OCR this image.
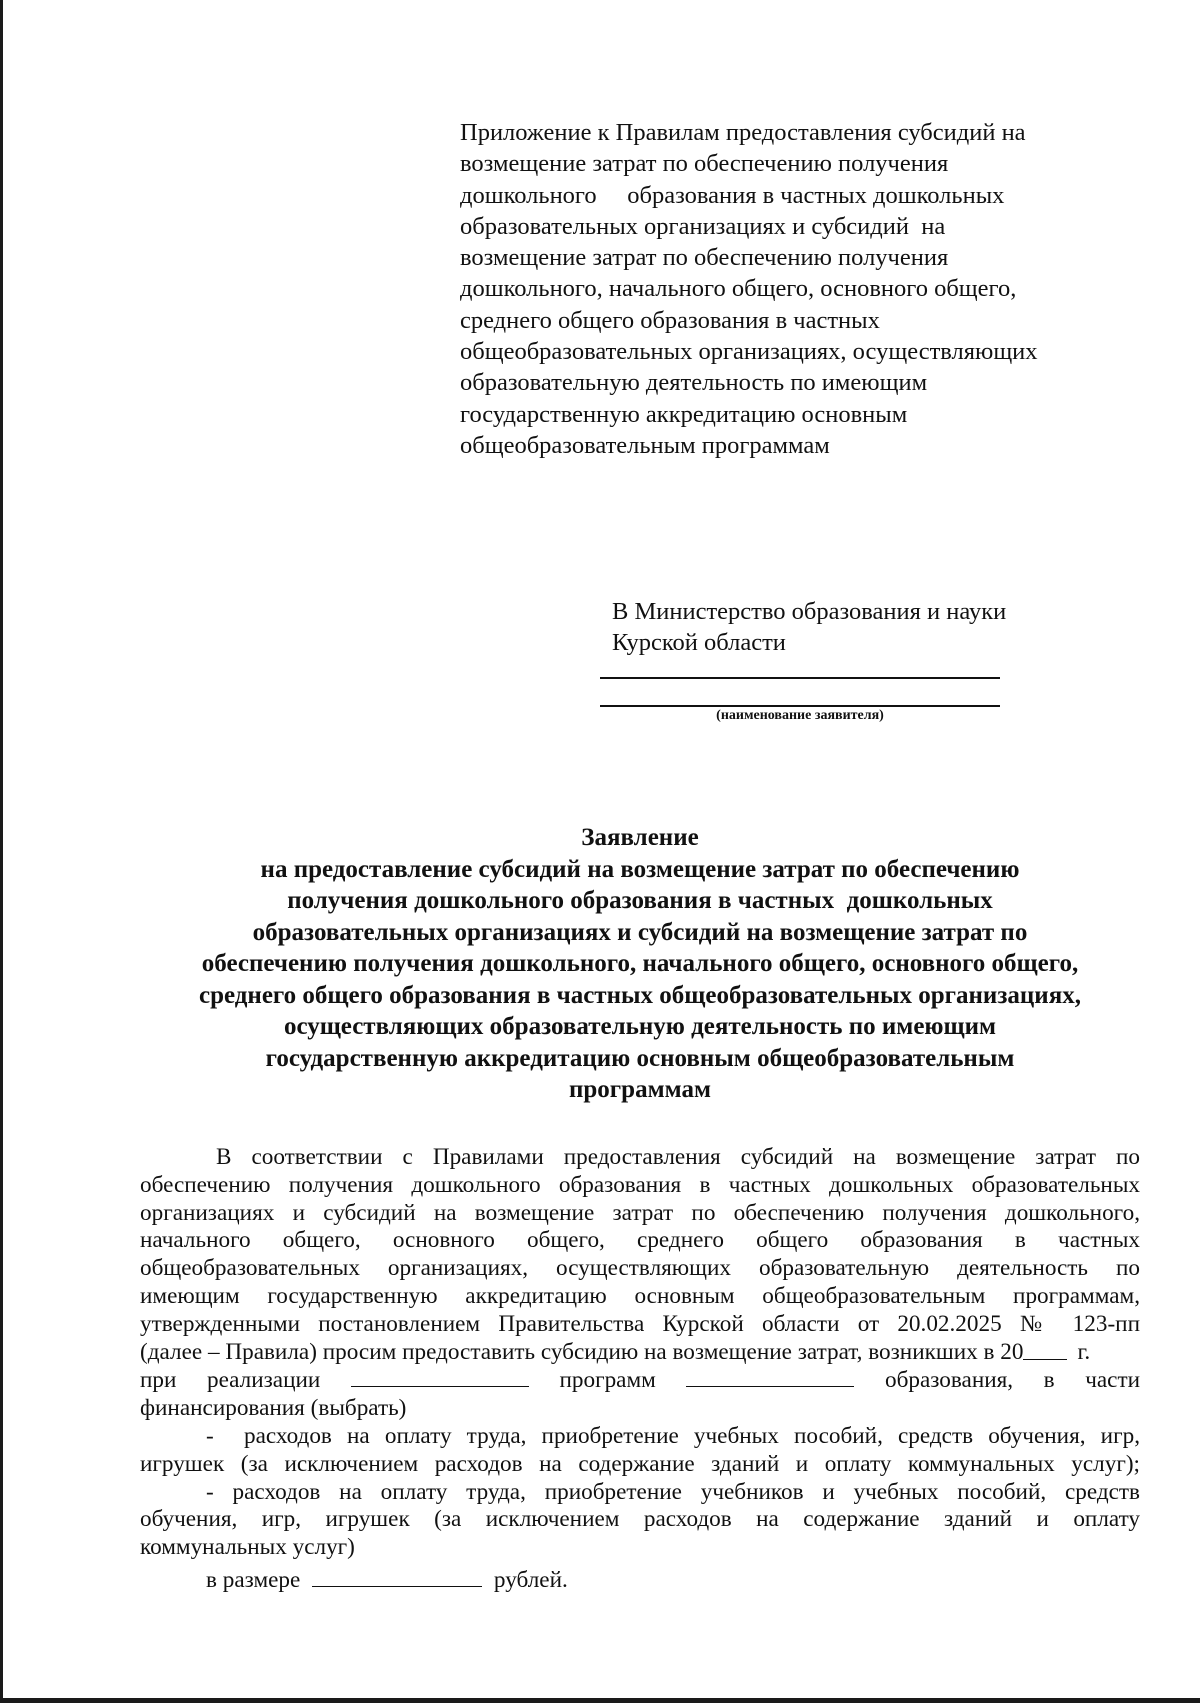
Приложение к Правилам предоставления субсидий на
возмещение затрат по обеспечению получения
дошкольного     образования в частных дошкольных
образовательных организациях и субсидий  на
возмещение затрат по обеспечению получения
дошкольного, начального общего, основного общего,
среднего общего образования в частных
общеобразовательных организациях, осуществляющих
образовательную деятельность по имеющим
государственную аккредитацию основным
общеобразовательным программам
В Министерство образования и науки
Курской области
(наименование заявителя)
Заявление
на предоставление субсидий на возмещение затрат по обеспечению
получения дошкольного образования в частных  дошкольных
образовательных организациях и субсидий на возмещение затрат по
обеспечению получения дошкольного, начального общего, основного общего,
среднего общего образования в частных общеобразовательных организациях,
осуществляющих образовательную деятельность по имеющим
государственную аккредитацию основным общеобразовательным
программам
В соответствии с Правилами предоставления субсидий на возмещение затрат по
обеспечению получения дошкольного образования в частных дошкольных образовательных
организациях и субсидий на возмещение затрат по обеспечению получения дошкольного,
начального общего, основного общего, среднего общего образования в частных
общеобразовательных организациях, осуществляющих образовательную деятельность по
имеющим государственную аккредитацию основным общеобразовательным программам,
утвержденными постановлением Правительства Курской области от 20.02.2025 № 123-пп
(далее – Правила) просим предоставить субсидию на возмещение затрат, возникших в 20 г.
при реализации	программ	образования, в части
финансирования (выбрать)
-  расходов на оплату труда, приобретение учебных пособий, средств обучения, игр,
игрушек (за исключением расходов на содержание зданий и оплату коммунальных услуг);
- расходов на оплату труда, приобретение учебников и учебных пособий, средств
обучения, игр, игрушек (за исключением расходов на содержание зданий и оплату
коммунальных услуг)
в размере	рублей.
